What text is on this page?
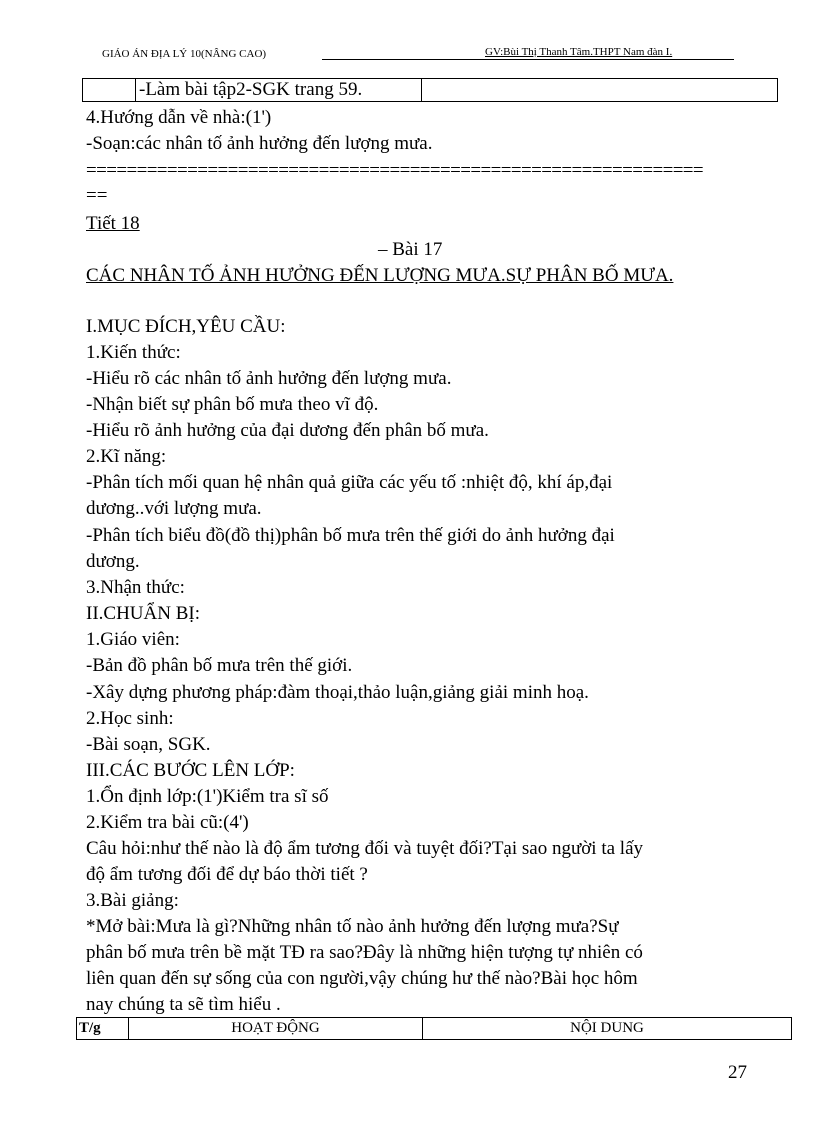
GIÁO ÁN ĐỊA LÝ 10(NÂNG CAO)	GV:Bùi Thị Thanh Tâm.THPT Nam đàn I.
-Làm bài tập2-SGK trang 59.
4.Hướng dẫn về nhà:(1')
-Soạn:các nhân tố ảnh hưởng đến lượng mưa.
=============================================================
==
Tiết 18
– Bài 17
CÁC NHÂN TỐ ẢNH HƯỞNG ĐẾN LƯỢNG MƯA.SỰ PHÂN BỐ MƯA.
I.MỤC ĐÍCH,YÊU CẦU:
1.Kiến thức:
-Hiểu rõ các nhân tố ảnh hưởng đến lượng mưa.
-Nhận biết sự phân bố mưa theo vĩ độ.
-Hiểu rõ ảnh hưởng của đại dương đến phân bố mưa.
2.Kĩ năng:
-Phân tích mối quan hệ nhân quả giữa các yếu tố :nhiệt độ, khí áp,đại
dương..với lượng mưa.
-Phân tích biểu đồ(đồ thị)phân bố mưa trên thế giới do ảnh hưởng đại
dương.
3.Nhận thức:
II.CHUẨN BỊ:
1.Giáo viên:
-Bản đồ phân bố mưa trên thế giới.
-Xây dựng phương pháp:đàm thoại,thảo luận,giảng giải minh hoạ.
2.Học sinh:
-Bài soạn, SGK.
III.CÁC BƯỚC LÊN LỚP:
1.Ổn định lớp:(1')Kiểm tra sĩ số
2.Kiểm tra bài cũ:(4')
Câu hỏi:như thế nào là độ ẩm tương đối và tuyệt đối?Tại sao người ta lấy
độ ẩm tương đối để dự báo thời tiết ?
3.Bài giảng:
*Mở bài:Mưa là gì?Những nhân tố nào ảnh hưởng đến lượng mưa?Sự
phân bố mưa trên bề mặt TĐ ra sao?Đây là những hiện tượng tự nhiên có
liên quan đến sự sống của con người,vậy chúng hư thế nào?Bài học hôm
nay chúng ta sẽ tìm hiểu .
T/g	HOẠT ĐỘNG	NỘI DUNG
27
